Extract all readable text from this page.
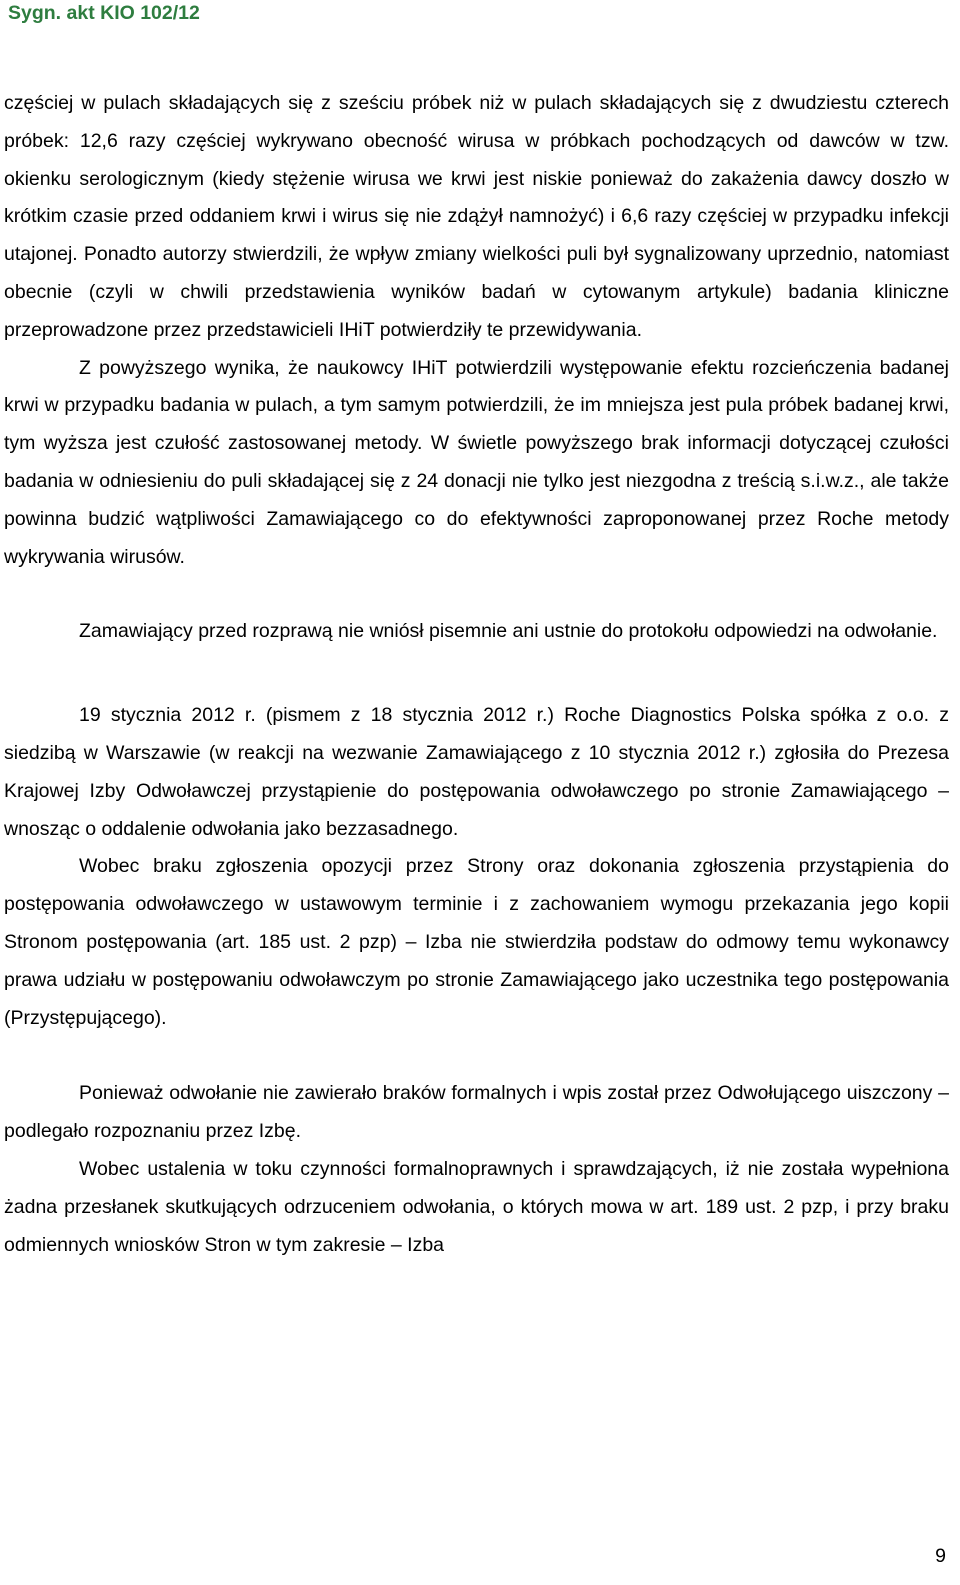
Sygn. akt KIO 102/12

częściej w pulach składających się z sześciu próbek niż w pulach składających się z dwudziestu czterech próbek: 12,6 razy częściej wykrywano obecność wirusa w próbkach pochodzących od dawców w tzw. okienku serologicznym (kiedy stężenie wirusa we krwi jest niskie ponieważ do zakażenia dawcy doszło w krótkim czasie przed oddaniem krwi i wirus się nie zdążył namnożyć) i 6,6 razy częściej w przypadku infekcji utajonej. Ponadto autorzy stwierdzili, że wpływ zmiany wielkości puli był sygnalizowany uprzednio, natomiast obecnie (czyli w chwili przedstawienia wyników badań w cytowanym artykule) badania kliniczne przeprowadzone przez przedstawicieli IHiT potwierdziły te przewidywania.

Z powyższego wynika, że naukowcy IHiT potwierdzili występowanie efektu rozcieńczenia badanej krwi w przypadku badania w pulach, a tym samym potwierdzili, że im mniejsza jest pula próbek badanej krwi, tym wyższa jest czułość zastosowanej metody. W świetle powyższego brak informacji dotyczącej czułości badania w odniesieniu do puli składającej się z 24 donacji nie tylko jest niezgodna z treścią s.i.w.z., ale także powinna budzić wątpliwości Zamawiającego co do efektywności zaproponowanej przez Roche metody wykrywania wirusów.

Zamawiający przed rozprawą nie wniósł pisemnie ani ustnie do protokołu odpowiedzi na odwołanie.

19 stycznia 2012 r. (pismem z 18 stycznia 2012 r.) Roche Diagnostics Polska spółka z o.o. z siedzibą w Warszawie (w reakcji na wezwanie Zamawiającego z 10 stycznia 2012 r.) zgłosiła do Prezesa Krajowej Izby Odwoławczej przystąpienie do postępowania odwoławczego po stronie Zamawiającego – wnosząc o oddalenie odwołania jako bezzasadnego.

Wobec braku zgłoszenia opozycji przez Strony oraz dokonania zgłoszenia przystąpienia do postępowania odwoławczego w ustawowym terminie i z zachowaniem wymogu przekazania jego kopii Stronom postępowania (art. 185 ust. 2 pzp) – Izba nie stwierdziła podstaw do odmowy temu wykonawcy prawa udziału w postępowaniu odwoławczym po stronie Zamawiającego jako uczestnika tego postępowania (Przystępującego).

Ponieważ odwołanie nie zawierało braków formalnych i wpis został przez Odwołującego uiszczony – podlegało rozpoznaniu przez Izbę.

Wobec ustalenia w toku czynności formalnoprawnych i sprawdzających, iż nie została wypełniona żadna przesłanek skutkujących odrzuceniem odwołania, o których mowa w art. 189 ust. 2 pzp, i przy braku odmiennych wniosków Stron w tym zakresie – Izba

9
